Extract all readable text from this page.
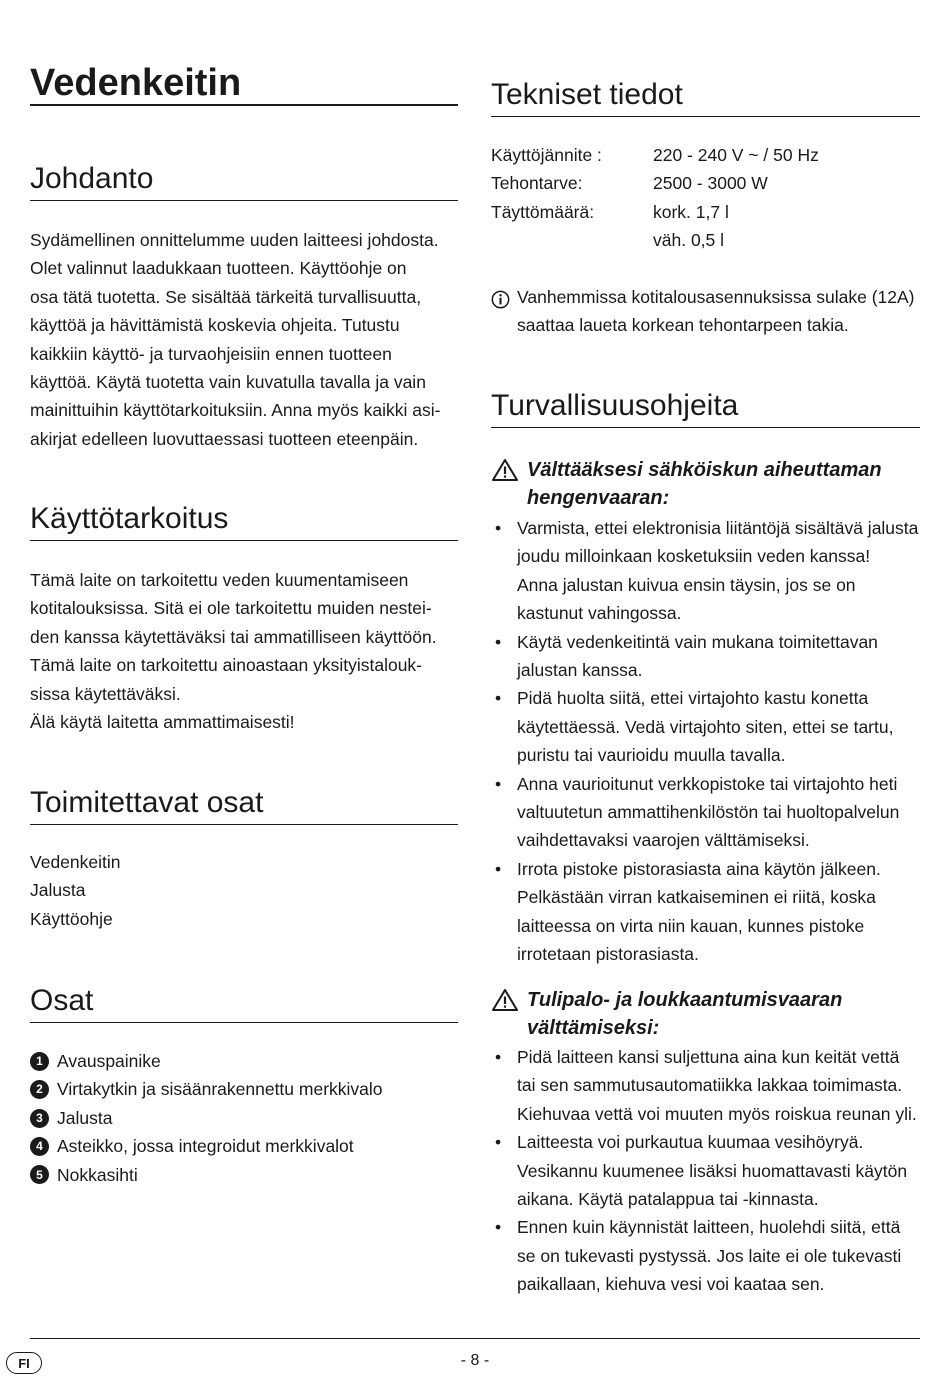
Vedenkeitin
Johdanto

Sydämellinen onnittelumme uuden laitteesi johdosta.

Olet valinnut laadukkaan tuotteen. Käyttöohje on

osa tätä tuotetta. Se sisältää tärkeitä turvallisuutta,

käyttöä ja hävittämistä koskevia ohjeita. Tutustu

kaikkiin käyttö- ja turvaohjeisiin ennen tuotteen

käyttöä. Käytä tuotetta vain kuvatulla tavalla ja vain

mainittuihin käyttötarkoituksiin. Anna myös kaikki asi-

akirjat edelleen luovuttaessasi tuotteen eteenpäin.

Käyttötarkoitus

Tämä laite on tarkoitettu veden kuumentamiseen

kotitalouksissa. Sitä ei ole tarkoitettu muiden nestei-

den kanssa käytettäväksi tai ammatilliseen käyttöön.

Tämä laite on tarkoitettu ainoastaan yksityistalouk-

sissa käytettäväksi.

Älä käytä laitetta ammattimaisesti!

Toimitettavat osat

Vedenkeitin

Jalusta

Käyttöohje

Osat
1 Avauspainike
2 Virtakytkin ja sisäänrakennettu merkkivalo
3 Jalusta
4 Asteikko, jossa integroidut merkkivalot
5 Nokkasihti
Tekniset tiedot
Käyttöjännite :	220 - 240 V ~ / 50 Hz
Tehontarve:	2500 - 3000 W
Täyttömäärä:	kork. 1,7 l
väh. 0,5 l

Vanhemmissa kotitalousasennuksissa sulake (12A)

saattaa laueta korkean tehontarpeen takia.

Turvallisuusohjeita

Välttääksesi sähköiskun aiheuttaman

hengenvaaran:

• Varmista, ettei elektronisia liitäntöjä sisältävä jalusta
joudu milloinkaan kosketuksiin veden kanssa!
Anna jalustan kuivua ensin täysin, jos se on
kastunut vahingossa.
• Käytä vedenkeitintä vain mukana toimitettavan
jalustan kanssa.
• Pidä huolta siitä, ettei virtajohto kastu konetta
käytettäessä. Vedä virtajohto siten, ettei se tartu,
puristu tai vaurioidu muulla tavalla.
• Anna vaurioitunut verkkopistoke tai virtajohto heti
valtuutetun ammattihenkilöstön tai huoltopalvelun
vaihdettavaksi vaarojen välttämiseksi.
• Irrota pistoke pistorasiasta aina käytön jälkeen.
Pelkästään virran katkaiseminen ei riitä, koska
laitteessa on virta niin kauan, kunnes pistoke
irrotetaan pistorasiasta.

Tulipalo- ja loukkaantumisvaaran

välttämiseksi:

• Pidä laitteen kansi suljettuna aina kun keität vettä
tai sen sammutusautomatiikka lakkaa toimimasta.
Kiehuvaa vettä voi muuten myös roiskua reunan yli.
• Laitteesta voi purkautua kuumaa vesihöyryä.
Vesikannu kuumenee lisäksi huomattavasti käytön
aikana. Käytä patalappua tai -kinnasta.
• Ennen kuin käynnistät laitteen, huolehdi siitä, että
se on tukevasti pystyssä. Jos laite ei ole tukevasti
paikallaan, kiehuva vesi voi kaataa sen.
FI	- 8 -
